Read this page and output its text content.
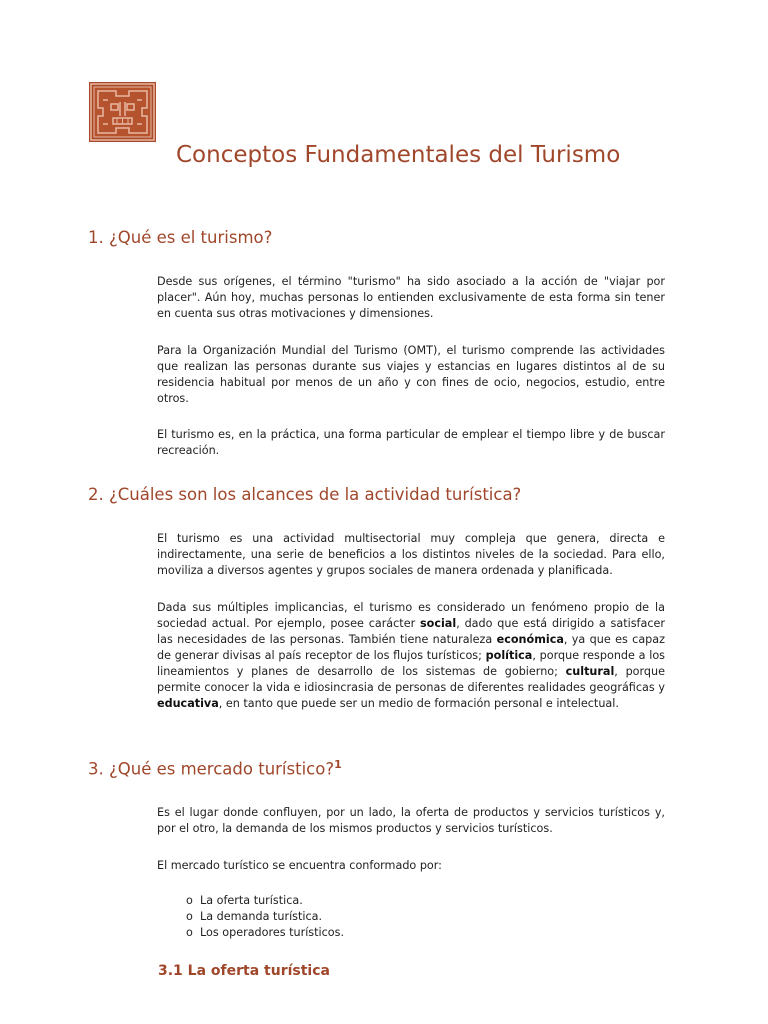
Conceptos Fundamentales del Turismo
1. ¿Qué es el turismo?

Desde sus orígenes, el término "turismo" ha sido asociado a la acción de "viajar por placer". Aún hoy, muchas personas lo entienden exclusivamente de esta forma sin tener en cuenta sus otras motivaciones y dimensiones.

Para la Organización Mundial del Turismo (OMT), el turismo comprende las actividades que realizan las personas durante sus viajes y estancias en lugares distintos al de su residencia habitual por menos de un año y con fines de ocio, negocios, estudio, entre otros.

El turismo es, en la práctica, una forma particular de emplear el tiempo libre y de buscar recreación.

2. ¿Cuáles son los alcances de la actividad turística?

El turismo es una actividad multisectorial muy compleja que genera, directa e indirectamente, una serie de beneficios a los distintos niveles de la sociedad. Para ello, moviliza a diversos agentes y grupos sociales de manera ordenada y planificada.

Dada sus múltiples implicancias, el turismo es considerado un fenómeno propio de la sociedad actual. Por ejemplo, posee carácter social, dado que está dirigido a satisfacer las necesidades de las personas. También tiene naturaleza económica, ya que es capaz de generar divisas al país receptor de los flujos turísticos; política, porque responde a los lineamientos y planes de desarrollo de los sistemas de gobierno; cultural, porque permite conocer la vida e idiosincrasia de personas de diferentes realidades geográficas y educativa, en tanto que puede ser un medio de formación personal e intelectual.

3. ¿Qué es mercado turístico?$^1$

Es el lugar donde confluyen, por un lado, la oferta de productos y servicios turísticos y, por el otro, la demanda de los mismos productos y servicios turísticos.

El mercado turístico se encuentra conformado por:

o La oferta turística.
o La demanda turística.
o Los operadores turísticos.
3.1 La oferta turística
